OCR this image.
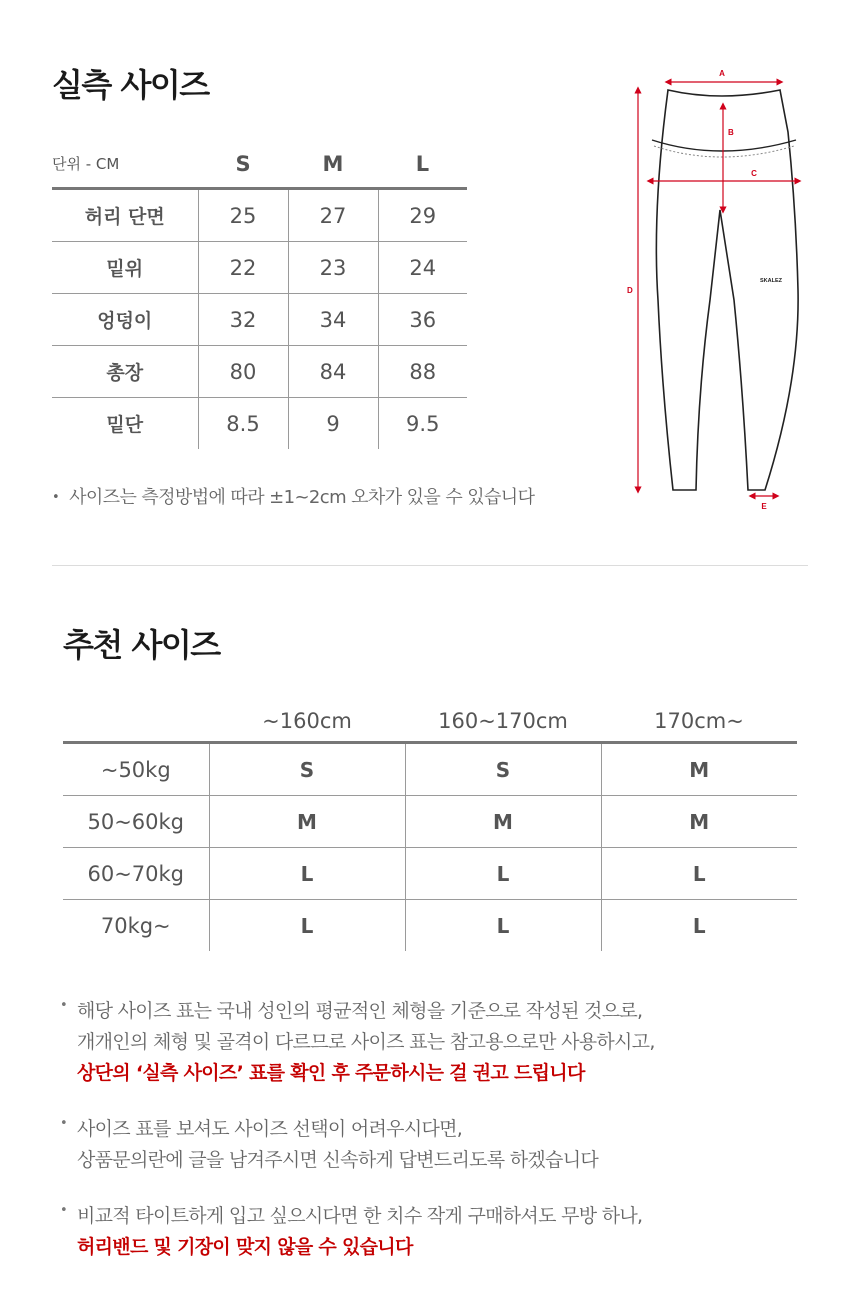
실측 사이즈
단위 - CM	S	M	L
허리 단면	25	27	29
밑위	22	23	24
엉덩이	32	34	36
총장	80	84	88
밑단	8.5	9	9.5
• 사이즈는 측정방법에 따라 ±1~2cm 오차가 있을 수 있습니다
A
B
C
D
E
SKALEZ
추천 사이즈
	~160cm	160~170cm	170cm~
~50kg	S	S	M
50~60kg	M	M	M
60~70kg	L	L	L
70kg~	L	L	L
• 해당 사이즈 표는 국내 성인의 평균적인 체형을 기준으로 작성된 것으로,
개개인의 체형 및 골격이 다르므로 사이즈 표는 참고용으로만 사용하시고,
상단의 ‘실측 사이즈’ 표를 확인 후 주문하시는 걸 권고 드립니다
• 사이즈 표를 보셔도 사이즈 선택이 어려우시다면,
상품문의란에 글을 남겨주시면 신속하게 답변드리도록 하겠습니다
• 비교적 타이트하게 입고 싶으시다면 한 치수 작게 구매하셔도 무방 하나,
허리밴드 및 기장이 맞지 않을 수 있습니다
